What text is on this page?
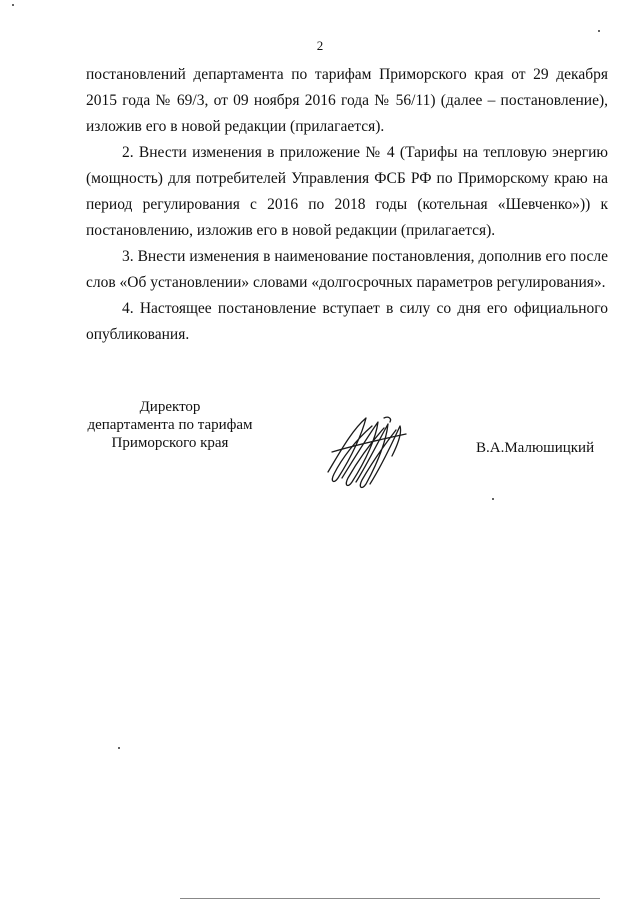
2

постановлений департамента по тарифам Приморского края от 29 декабря 2015 года № 69/3, от 09 ноября 2016 года № 56/11) (далее – постановление), изложив его в новой редакции (прилагается).

2. Внести изменения в приложение № 4 (Тарифы на тепловую энергию (мощность) для потребителей Управления ФСБ РФ по Приморскому краю на период регулирования с 2016 по 2018 годы (котельная «Шевченко»)) к постановлению, изложив его в новой редакции (прилагается).

3. Внести изменения в наименование постановления, дополнив его после слов «Об установлении» словами «долгосрочных параметров регулирования».

4. Настоящее постановление вступает в силу со дня его официального опубликования.

Директор
департамента по тарифам
Приморского края	В.А.Малюшицкий
